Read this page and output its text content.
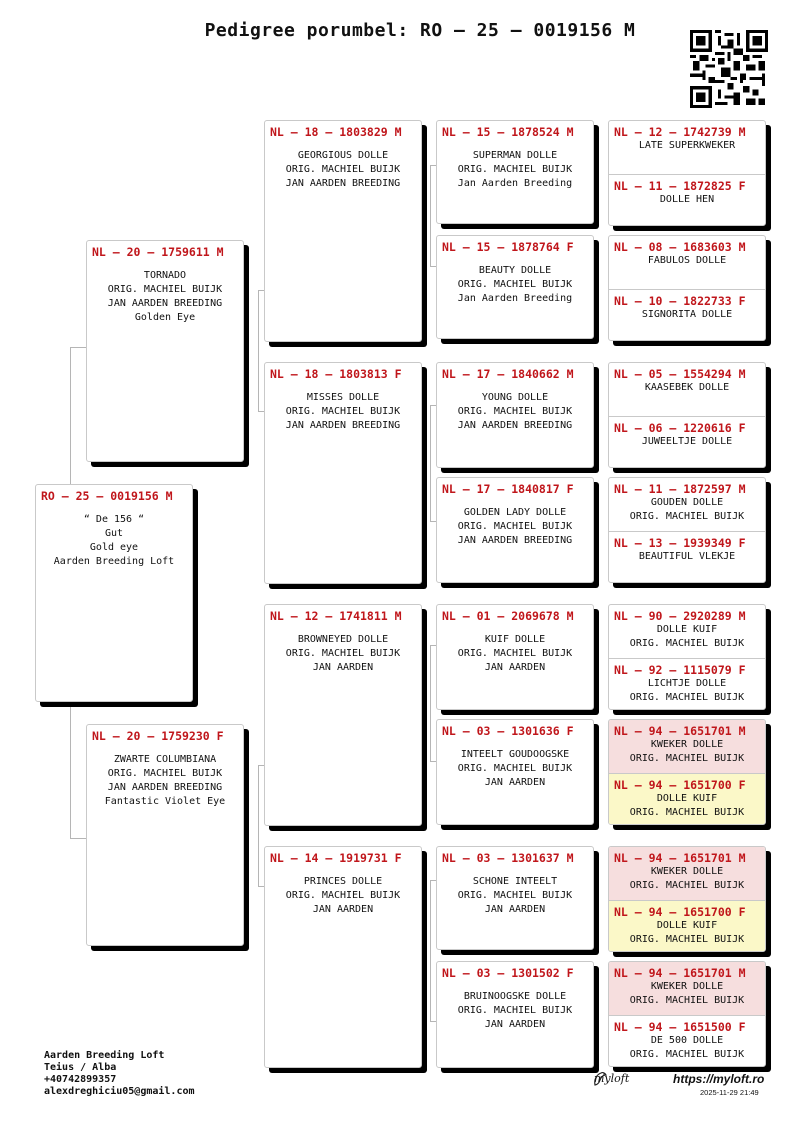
Pedigree porumbel: RO – 25 – 0019156 M
RO – 25 – 0019156 M
“ De 156 “
Gut
Gold eye
Aarden Breeding Loft
NL – 20 – 1759611 M
TORNADO
ORIG. MACHIEL BUIJK
JAN AARDEN BREEDING
Golden Eye
NL – 20 – 1759230 F
ZWARTE COLUMBIANA
ORIG. MACHIEL BUIJK
JAN AARDEN BREEDING
Fantastic Violet Eye
NL – 18 – 1803829 M
GEORGIOUS DOLLE
ORIG. MACHIEL BUIJK
JAN AARDEN BREEDING
NL – 18 – 1803813 F
MISSES DOLLE
ORIG. MACHIEL BUIJK
JAN AARDEN BREEDING
NL – 12 – 1741811 M
BROWNEYED DOLLE
ORIG. MACHIEL BUIJK
JAN AARDEN
NL – 14 – 1919731 F
PRINCES DOLLE
ORIG. MACHIEL BUIJK
JAN AARDEN
NL – 15 – 1878524 M
SUPERMAN DOLLE
ORIG. MACHIEL BUIJK
Jan Aarden Breeding
NL – 15 – 1878764 F
BEAUTY DOLLE
ORIG. MACHIEL BUIJK
Jan Aarden Breeding
NL – 17 – 1840662 M
YOUNG DOLLE
ORIG. MACHIEL BUIJK
JAN AARDEN BREEDING
NL – 17 – 1840817 F
GOLDEN LADY DOLLE
ORIG. MACHIEL BUIJK
JAN AARDEN BREEDING
NL – 01 – 2069678 M
KUIF DOLLE
ORIG. MACHIEL BUIJK
JAN AARDEN
NL – 03 – 1301636 F
INTEELT GOUDOOGSKE
ORIG. MACHIEL BUIJK
JAN AARDEN
NL – 03 – 1301637 M
SCHONE INTEELT
ORIG. MACHIEL BUIJK
JAN AARDEN
NL – 03 – 1301502 F
BRUINOOGSKE DOLLE
ORIG. MACHIEL BUIJK
JAN AARDEN
NL – 12 – 1742739 M
LATE SUPERKWEKER
NL – 11 – 1872825 F
DOLLE HEN
NL – 08 – 1683603 M
FABULOS DOLLE
NL – 10 – 1822733 F
SIGNORITA DOLLE
NL – 05 – 1554294 M
KAASEBEK DOLLE
NL – 06 – 1220616 F
JUWEELTJE DOLLE
NL – 11 – 1872597 M
GOUDEN DOLLE
ORIG. MACHIEL BUIJK
NL – 13 – 1939349 F
BEAUTIFUL VLEKJE
NL – 90 – 2920289 M
DOLLE KUIF
ORIG. MACHIEL BUIJK
NL – 92 – 1115079 F
LICHTJE DOLLE
ORIG. MACHIEL BUIJK
NL – 94 – 1651701 M
KWEKER DOLLE
ORIG. MACHIEL BUIJK
NL – 94 – 1651700 F
DOLLE KUIF
ORIG. MACHIEL BUIJK
NL – 94 – 1651701 M
KWEKER DOLLE
ORIG. MACHIEL BUIJK
NL – 94 – 1651700 F
DOLLE KUIF
ORIG. MACHIEL BUIJK
NL – 94 – 1651701 M
KWEKER DOLLE
ORIG. MACHIEL BUIJK
NL – 94 – 1651500 F
DE 500 DOLLE
ORIG. MACHIEL BUIJK
Aarden Breeding Loft
Teius / Alba
+40742899357
alexdreghiciu05@gmail.com
myloft	https://myloft.ro
2025-11-29 21:49
